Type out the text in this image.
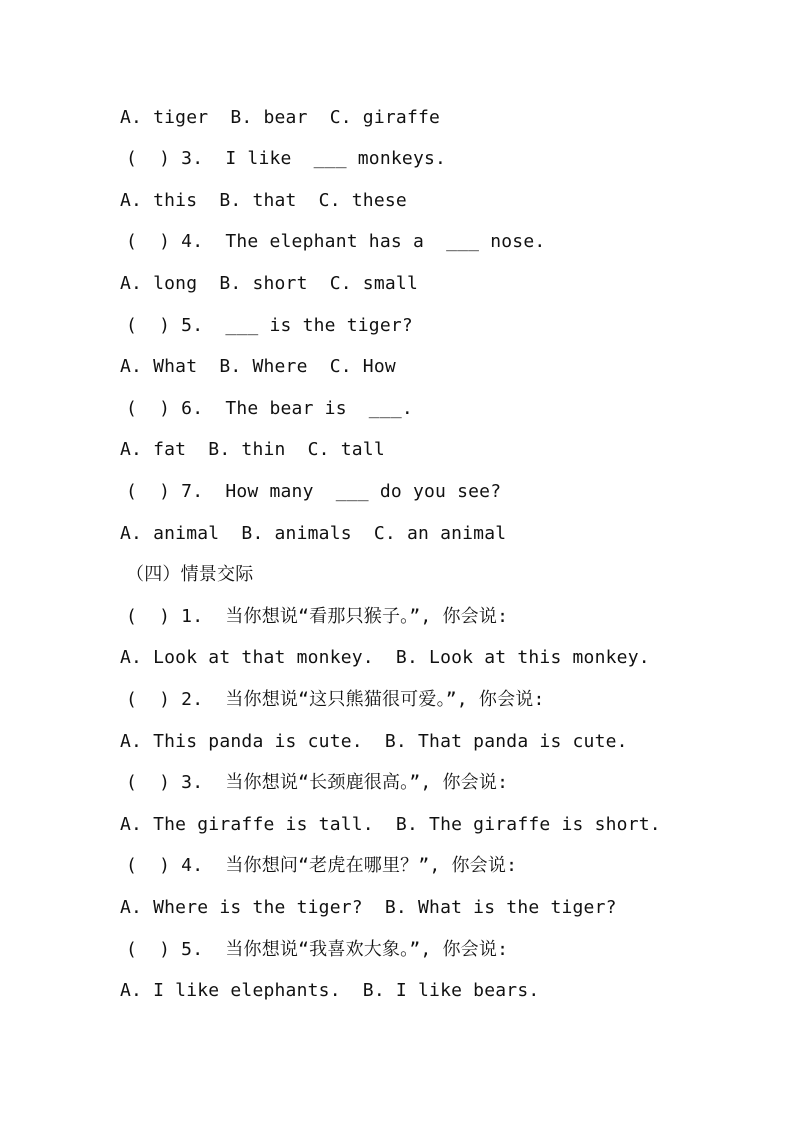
A. tiger  B. bear  C. giraffe
(  ) 3.  I like  ___ monkeys.
A. this  B. that  C. these
(  ) 4.  The elephant has a  ___ nose.
A. long  B. short  C. small
(  ) 5.  ___ is the tiger?
A. What  B. Where  C. How
(  ) 6.  The bear is  ___.
A. fat  B. thin  C. tall
(  ) 7.  How many  ___ do you see?
A. animal  B. animals  C. an animal
（四）情景交际
(  ) 1.  当你想说“看那只猴子。”, 你会说:
A. Look at that monkey.  B. Look at this monkey.
(  ) 2.  当你想说“这只熊猫很可爱。”, 你会说:
A. This panda is cute.  B. That panda is cute.
(  ) 3.  当你想说“长颈鹿很高。”, 你会说:
A. The giraffe is tall.  B. The giraffe is short.
(  ) 4.  当你想问“老虎在哪里？”, 你会说:
A. Where is the tiger?  B. What is the tiger?
(  ) 5.  当你想说“我喜欢大象。”, 你会说:
A. I like elephants.  B. I like bears.
